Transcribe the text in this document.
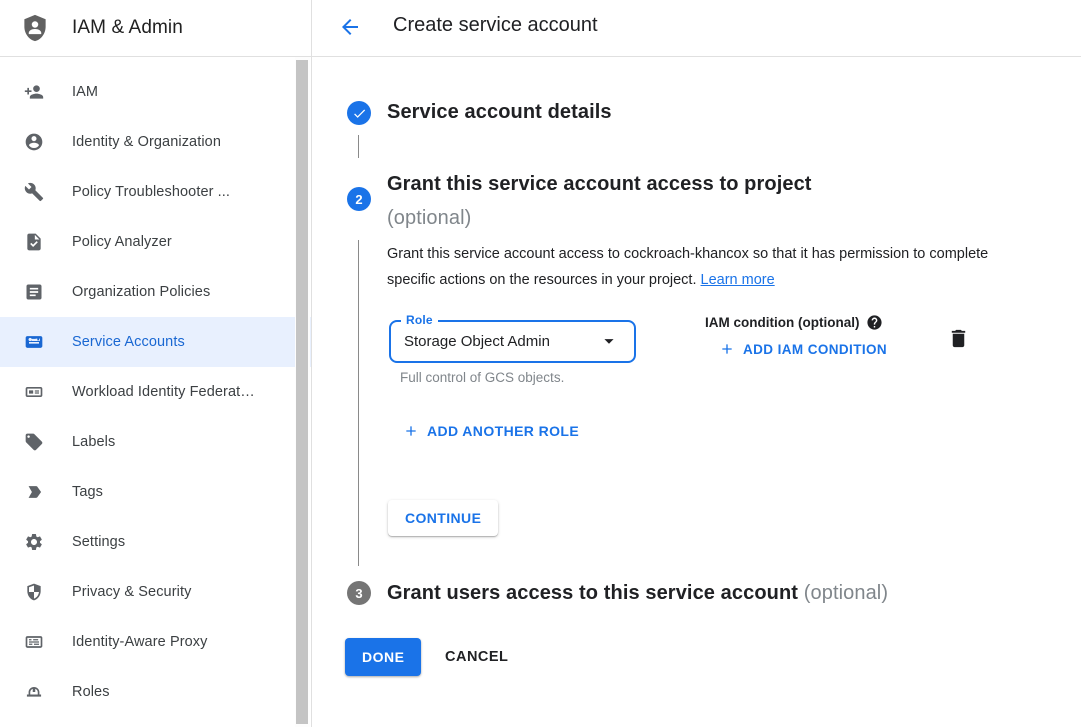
IAM & Admin
IAM
Identity & Organization
Policy Troubleshooter ...
Policy Analyzer
Organization Policies
Service Accounts
Workload Identity Federat…
Labels
Tags
Settings
Privacy & Security
Identity-Aware Proxy
Roles
Create service account
Service account details
2
Grant this service account access to project
(optional)

Grant this service account access to cockroach-khancox so that it has permission to complete specific actions on the resources in your project. Learn more

Role
Storage Object Admin
Full control of GCS objects.
IAM condition (optional)
ADD IAM CONDITION
ADD ANOTHER ROLE
CONTINUE
3 Grant users access to this service account (optional)
DONE	CANCEL
